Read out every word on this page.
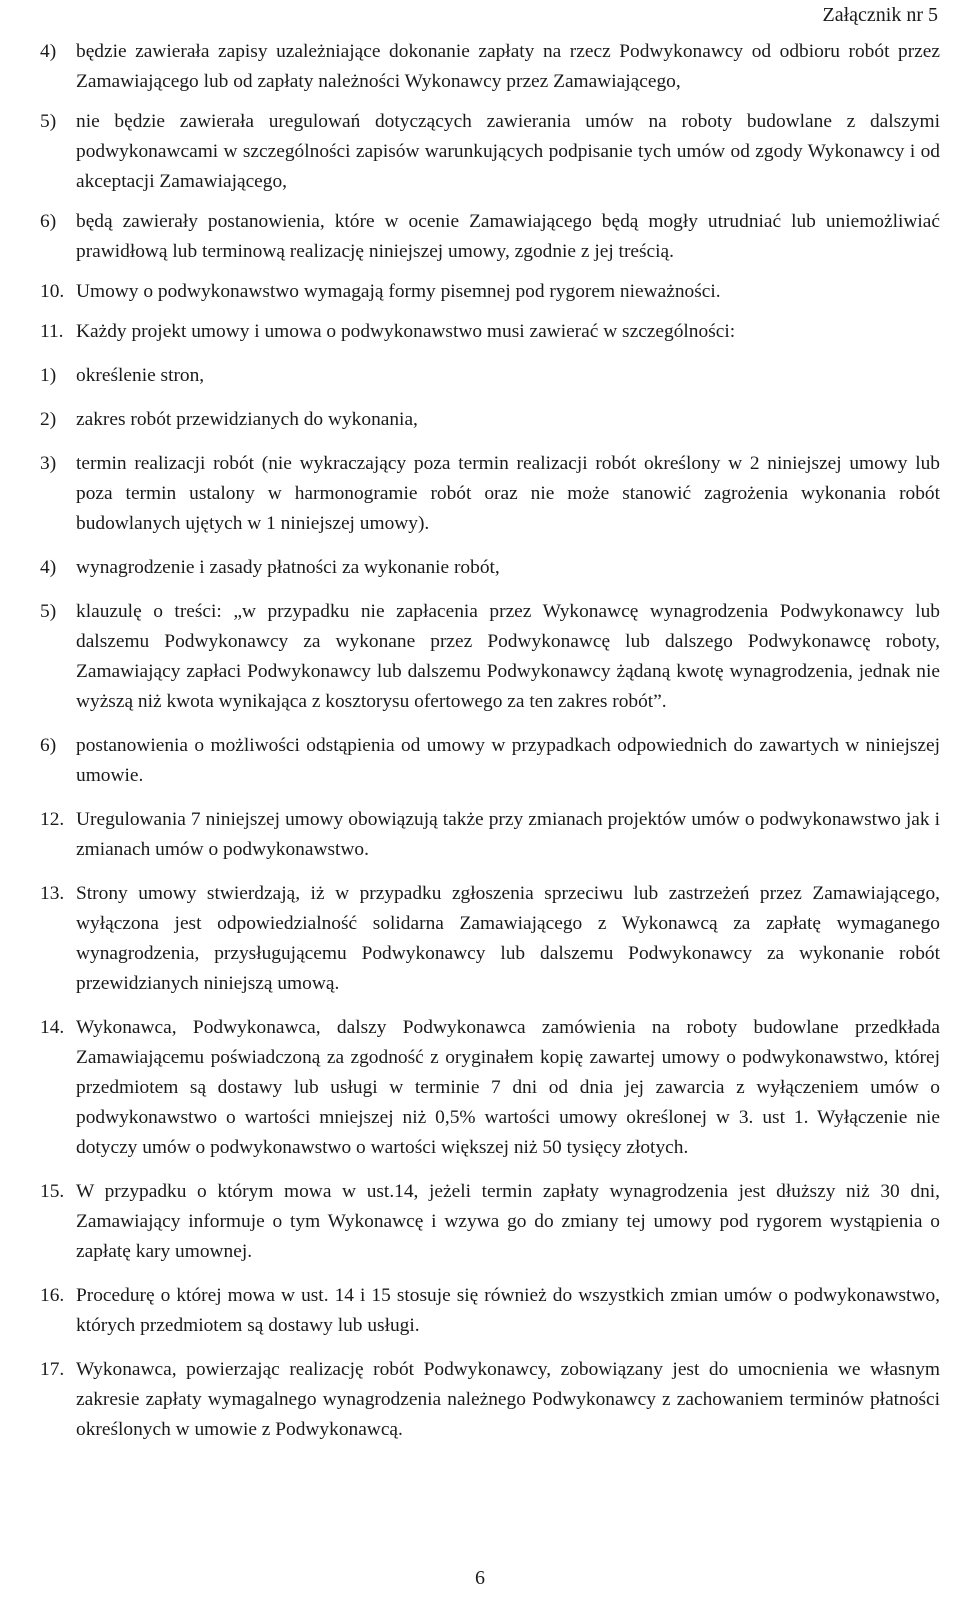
Załącznik nr 5
4) będzie zawierała zapisy uzależniające dokonanie zapłaty na rzecz Podwykonawcy od odbioru robót przez Zamawiającego lub od zapłaty należności Wykonawcy przez Zamawiającego,
5) nie będzie zawierała uregulowań dotyczących zawierania umów na roboty budowlane z dalszymi podwykonawcami w szczególności zapisów warunkujących podpisanie tych umów od zgody Wykonawcy i od akceptacji Zamawiającego,
6) będą zawierały postanowienia, które w ocenie Zamawiającego będą mogły utrudniać lub uniemożliwiać prawidłową lub terminową realizację niniejszej umowy, zgodnie z jej treścią.
10. Umowy o podwykonawstwo wymagają formy pisemnej pod rygorem nieważności.
11. Każdy projekt umowy i umowa o podwykonawstwo musi zawierać w szczególności:
1) określenie stron,
2) zakres robót przewidzianych do wykonania,
3) termin realizacji robót (nie wykraczający poza termin realizacji robót określony w 2 niniejszej umowy lub poza termin ustalony w harmonogramie robót oraz nie może stanowić zagrożenia wykonania robót budowlanych ujętych w 1 niniejszej umowy).
4) wynagrodzenie i zasady płatności za wykonanie robót,
5) klauzulę o treści: „w przypadku nie zapłacenia przez Wykonawcę wynagrodzenia Podwykonawcy lub dalszemu Podwykonawcy za wykonane przez Podwykonawcę lub dalszego Podwykonawcę roboty, Zamawiający zapłaci Podwykonawcy lub dalszemu Podwykonawcy żądaną kwotę wynagrodzenia, jednak nie wyższą niż kwota wynikająca z kosztorysu ofertowego za ten zakres robót”.
6) postanowienia o możliwości odstąpienia od umowy w przypadkach odpowiednich do zawartych w niniejszej umowie.
12. Uregulowania 7 niniejszej umowy obowiązują także przy zmianach projektów umów o podwykonawstwo jak i zmianach umów o podwykonawstwo.
13. Strony umowy stwierdzają, iż w przypadku zgłoszenia sprzeciwu lub zastrzeżeń przez Zamawiającego, wyłączona jest odpowiedzialność solidarna Zamawiającego z Wykonawcą za zapłatę wymaganego wynagrodzenia, przysługującemu Podwykonawcy lub dalszemu Podwykonawcy za wykonanie robót przewidzianych niniejszą umową.
14. Wykonawca, Podwykonawca, dalszy Podwykonawca zamówienia na roboty budowlane przedkłada Zamawiającemu poświadczoną za zgodność z oryginałem kopię zawartej umowy o podwykonawstwo, której przedmiotem są dostawy lub usługi w terminie 7 dni od dnia jej zawarcia z wyłączeniem umów o podwykonawstwo o wartości mniejszej niż 0,5% wartości umowy określonej w 3. ust 1. Wyłączenie nie dotyczy umów o podwykonawstwo o wartości większej niż 50 tysięcy złotych.
15. W przypadku o którym mowa w ust.14, jeżeli termin zapłaty wynagrodzenia jest dłuższy niż 30 dni, Zamawiający informuje o tym Wykonawcę i wzywa go do zmiany tej umowy pod rygorem wystąpienia o zapłatę kary umownej.
16. Procedurę o której mowa w ust. 14 i 15 stosuje się również do wszystkich zmian umów o podwykonawstwo, których przedmiotem są dostawy lub usługi.
17. Wykonawca, powierzając realizację robót Podwykonawcy, zobowiązany jest do umocnienia we własnym zakresie zapłaty wymagalnego wynagrodzenia należnego Podwykonawcy z zachowaniem terminów płatności określonych w umowie z Podwykonawcą.
6
